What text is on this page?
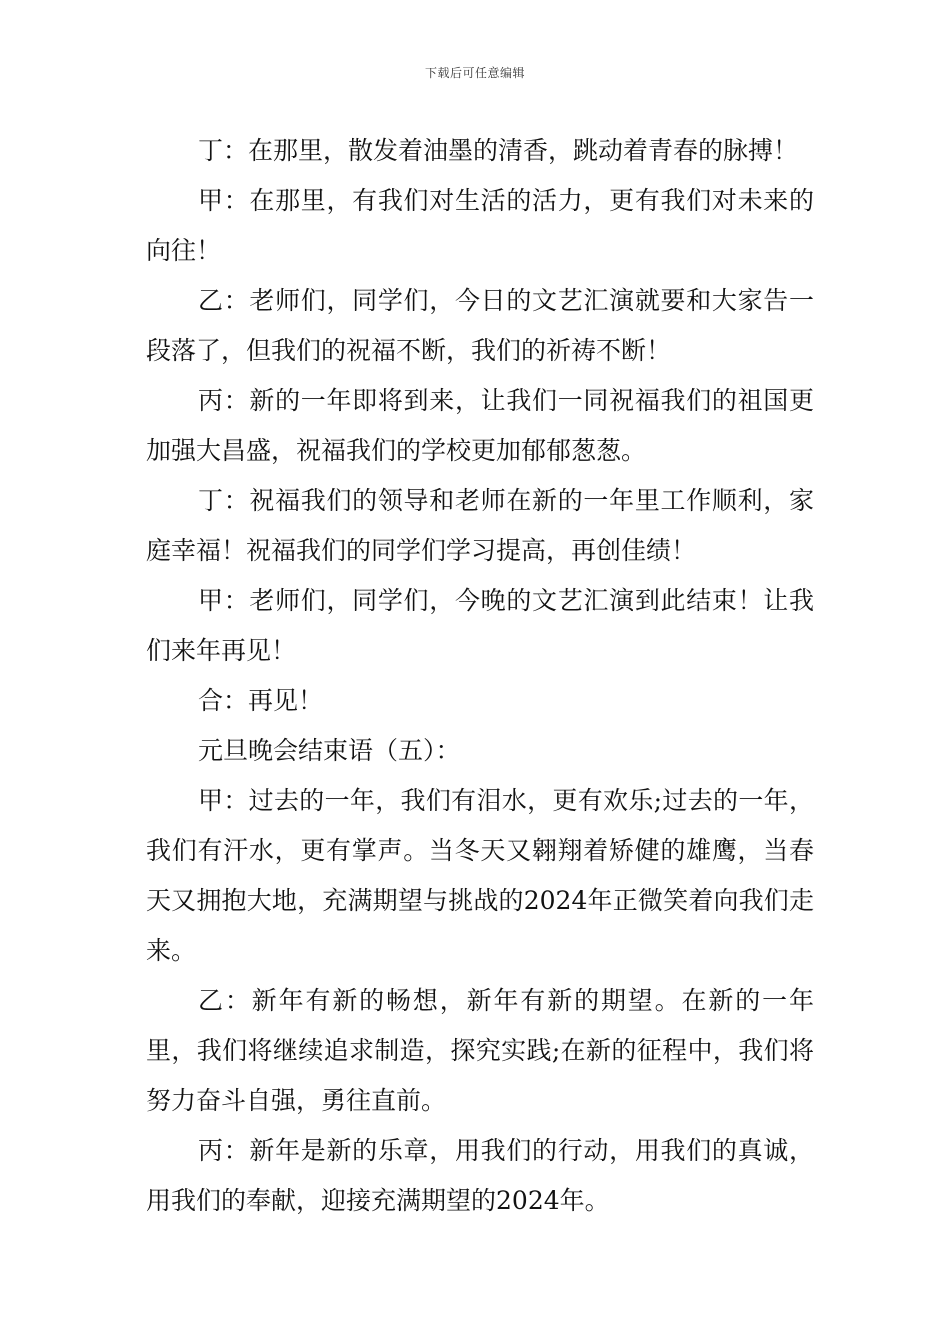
下载后可任意编辑

丁：在那里，散发着油墨的清香，跳动着青春的脉搏！

甲：在那里，有我们对生活的活力，更有我们对未来的向往！

乙：老师们，同学们，今日的文艺汇演就要和大家告一段落了，但我们的祝福不断，我们的祈祷不断！

丙：新的一年即将到来，让我们一同祝福我们的祖国更加强大昌盛，祝福我们的学校更加郁郁葱葱。

丁：祝福我们的领导和老师在新的一年里工作顺利，家庭幸福！祝福我们的同学们学习提高，再创佳绩！

甲：老师们，同学们，今晚的文艺汇演到此结束！让我们来年再见！

合：再见！

元旦晚会结束语（五）：

甲：过去的一年，我们有泪水，更有欢乐;过去的一年，我们有汗水，更有掌声。当冬天又翱翔着矫健的雄鹰，当春天又拥抱大地，充满期望与挑战的2024年正微笑着向我们走来。

乙：新年有新的畅想，新年有新的期望。在新的一年里，我们将继续追求制造，探究实践;在新的征程中，我们将努力奋斗自强，勇往直前。

丙：新年是新的乐章，用我们的行动，用我们的真诚，用我们的奉献，迎接充满期望的2024年。
